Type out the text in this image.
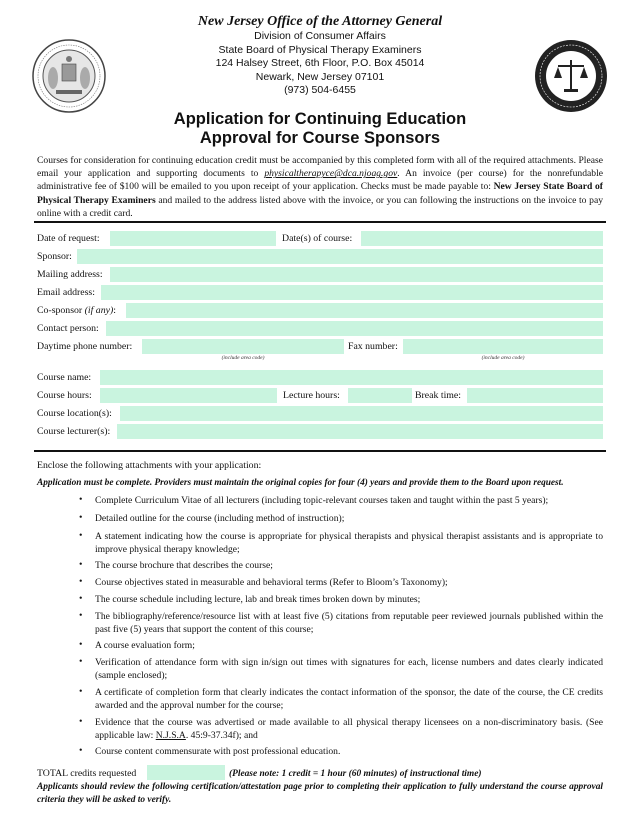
New Jersey Office of the Attorney General
Division of Consumer Affairs
State Board of Physical Therapy Examiners
124 Halsey Street, 6th Floor, P.O. Box 45014
Newark, New Jersey 07101
(973) 504-6455
Application for Continuing Education
Approval for Course Sponsors
Courses for consideration for continuing education credit must be accompanied by this completed form with all of the required attachments. Please email your application and supporting documents to physicaltherapyce@dca.njoag.gov. An invoice (per course) for the nonrefundable administrative fee of $100 will be emailed to you upon receipt of your application. Checks must be made payable to: New Jersey State Board of Physical Therapy Examiners and mailed to the address listed above with the invoice, or you can following the instructions on the invoice to pay online with a credit card.
Date of request:	Date(s) of course:
Sponsor:
Mailing address:
Email address:
Co-sponsor (if any):
Contact person:
Daytime phone number:	Fax number:
(include area code)	(include area code)
Course name:
Course hours:	Lecture hours:	Break time:
Course location(s):
Course lecturer(s):
Enclose the following attachments with your application:
Application must be complete. Providers must maintain the original copies for four (4) years and provide them to the Board upon request.
• Complete Curriculum Vitae of all lecturers (including topic-relevant courses taken and taught within the past 5 years);
• Detailed outline for the course (including method of instruction);
• A statement indicating how the course is appropriate for physical therapists and physical therapist assistants and is appropriate to improve physical therapy knowledge;
• The course brochure that describes the course;
• Course objectives stated in measurable and behavioral terms (Refer to Bloom’s Taxonomy);
• The course schedule including lecture, lab and break times broken down by minutes;
• The bibliography/reference/resource list with at least five (5) citations from reputable peer reviewed journals published within the past five (5) years that support the content of this course;
• A course evaluation form;
• Verification of attendance form with sign in/sign out times with signatures for each, license numbers and dates clearly indicated (sample enclosed);
• A certificate of completion form that clearly indicates the contact information of the sponsor, the date of the course, the CE credits awarded and the approval number for the course;
• Evidence that the course was advertised or made available to all physical therapy licensees on a non-discriminatory basis. (See applicable law: N.J.S.A. 45:9-37.34f); and
• Course content commensurate with post professional education.
TOTAL credits requested	(Please note: 1 credit = 1 hour (60 minutes) of instructional time)
Applicants should review the following certification/attestation page prior to completing their application to fully understand the course approval criteria they will be asked to verify.
